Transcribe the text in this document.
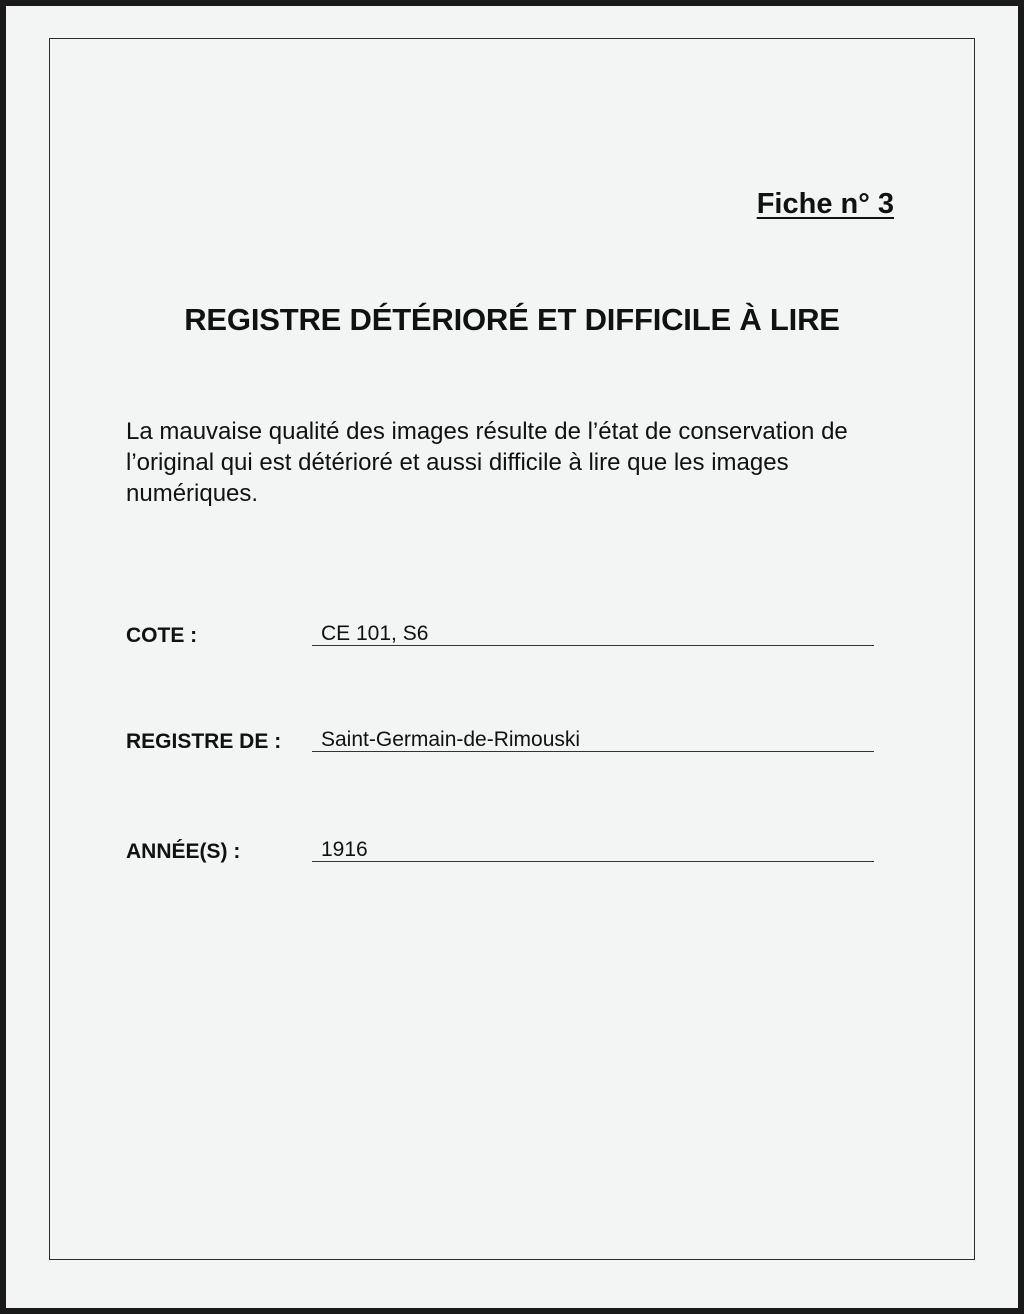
Fiche n° 3
REGISTRE DÉTÉRIORÉ ET DIFFICILE À LIRE
La mauvaise qualité des images résulte de l’état de conservation de l’original qui est détérioré et aussi difficile à lire que les images numériques.
COTE :	CE 101, S6
REGISTRE DE :	Saint-Germain-de-Rimouski
ANNÉE(S) :	1916
